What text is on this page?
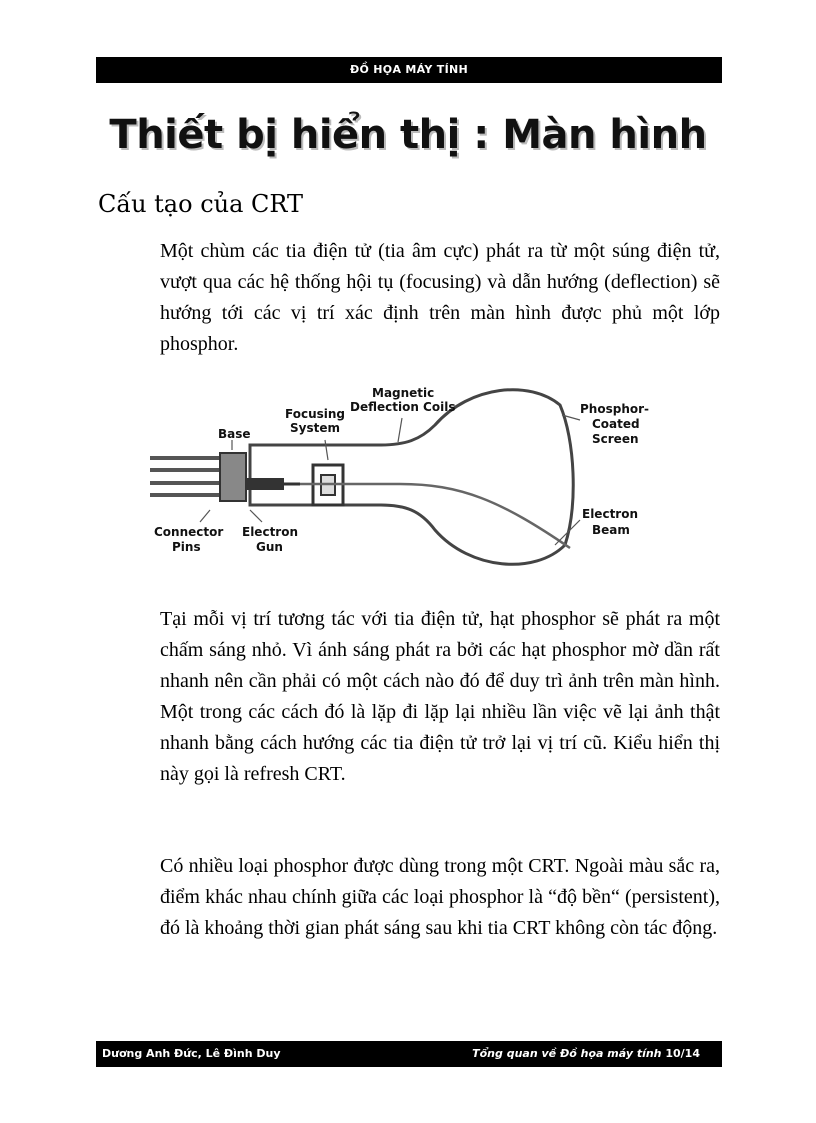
ĐỒ HỌA MÁY TÍNH
Thiết bị hiển thị : Màn hình
Cấu tạo của CRT

Một chùm các tia điện tử (tia âm cực) phát ra từ một súng điện tử, vượt qua các hệ thống hội tụ (focusing) và dẫn hướng (deflection) sẽ hướng tới các vị trí xác định trên màn hình được phủ một lớp phosphor.

Base
Focusing
System
Magnetic
Deflection Coils	Phosphor-
Coated
Screen
Connector
Pins
Electron
Gun
Electron
Beam

Tại mỗi vị trí tương tác với tia điện tử, hạt phosphor sẽ phát ra một chấm sáng nhỏ. Vì ánh sáng phát ra bởi các hạt phosphor mờ dần rất nhanh nên cần phải có một cách nào đó để duy trì ảnh trên màn hình. Một trong các cách đó là lặp đi lặp lại nhiều lần việc vẽ lại ảnh thật nhanh bằng cách hướng các tia điện tử trở lại vị trí cũ. Kiểu hiển thị này gọi là refresh CRT.

Có nhiều loại phosphor được dùng trong một CRT. Ngoài màu sắc ra, điểm khác nhau chính giữa các loại phosphor là “độ bền“ (persistent), đó là khoảng thời gian phát sáng sau khi tia CRT không còn tác động.

Dương Anh Đức, Lê Đình Duy	Tổng quan về Đồ họa máy tính 10/14
